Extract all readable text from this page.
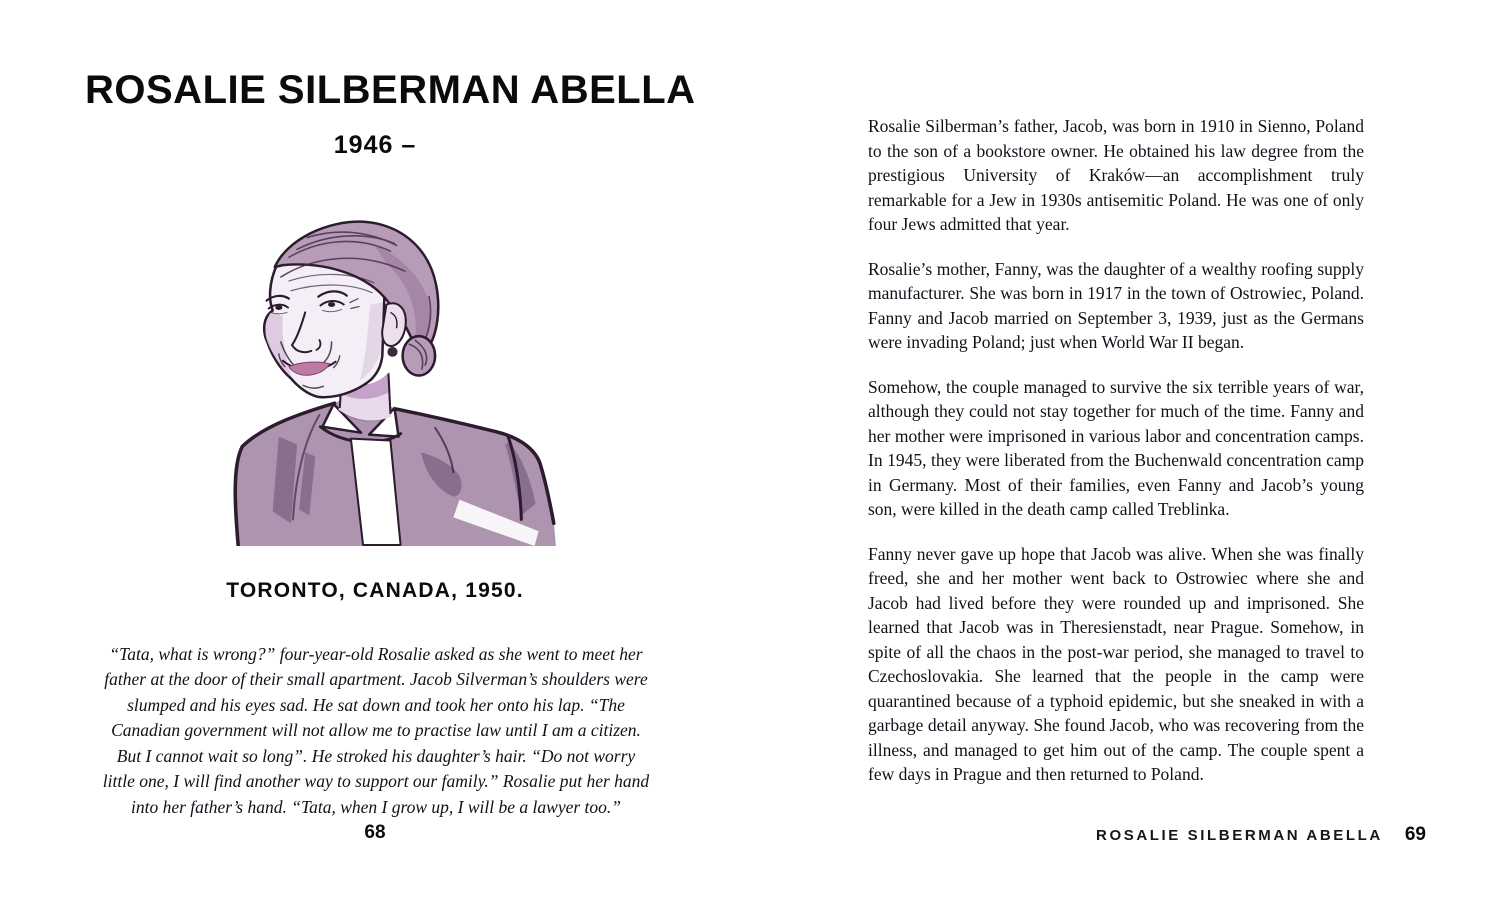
ROSALIE SILBERMAN ABELLA
1946 –
TORONTO, CANADA, 1950.

“Tata, what is wrong?” four-year-old Rosalie asked as she went to meet her father at the door of their small apartment. Jacob Silverman’s shoulders were slumped and his eyes sad. He sat down and took her onto his lap. “The Canadian government will not allow me to practise law until I am a citizen. But I cannot wait so long”. He stroked his daughter’s hair. “Do not worry little one, I will find another way to support our family.” Rosalie put her hand into her father’s hand. “Tata, when I grow up, I will be a lawyer too.”

68

Rosalie Silberman’s father, Jacob, was born in 1910 in Sienno, Poland to the son of a bookstore owner. He obtained his law degree from the prestigious University of Kraków—an accomplishment truly remarkable for a Jew in 1930s antisemitic Poland. He was one of only four Jews admitted that year.

Rosalie’s mother, Fanny, was the daughter of a wealthy roofing supply manufacturer. She was born in 1917 in the town of Ostrowiec, Poland. Fanny and Jacob married on September 3, 1939, just as the Germans were invading Poland; just when World War II began.

Somehow, the couple managed to survive the six terrible years of war, although they could not stay together for much of the time. Fanny and her mother were imprisoned in various labor and concentration camps. In 1945, they were liberated from the Buchenwald concentration camp in Germany. Most of their families, even Fanny and Jacob’s young son, were killed in the death camp called Treblinka.

Fanny never gave up hope that Jacob was alive. When she was finally freed, she and her mother went back to Ostrowiec where she and Jacob had lived before they were rounded up and imprisoned. She learned that Jacob was in Theresienstadt, near Prague. Somehow, in spite of all the chaos in the post-war period, she managed to travel to Czechoslovakia. She learned that the people in the camp were quarantined because of a typhoid epidemic, but she sneaked in with a garbage detail anyway. She found Jacob, who was recovering from the illness, and managed to get him out of the camp. The couple spent a few days in Prague and then returned to Poland.

ROSALIE SILBERMAN ABELLA 69
